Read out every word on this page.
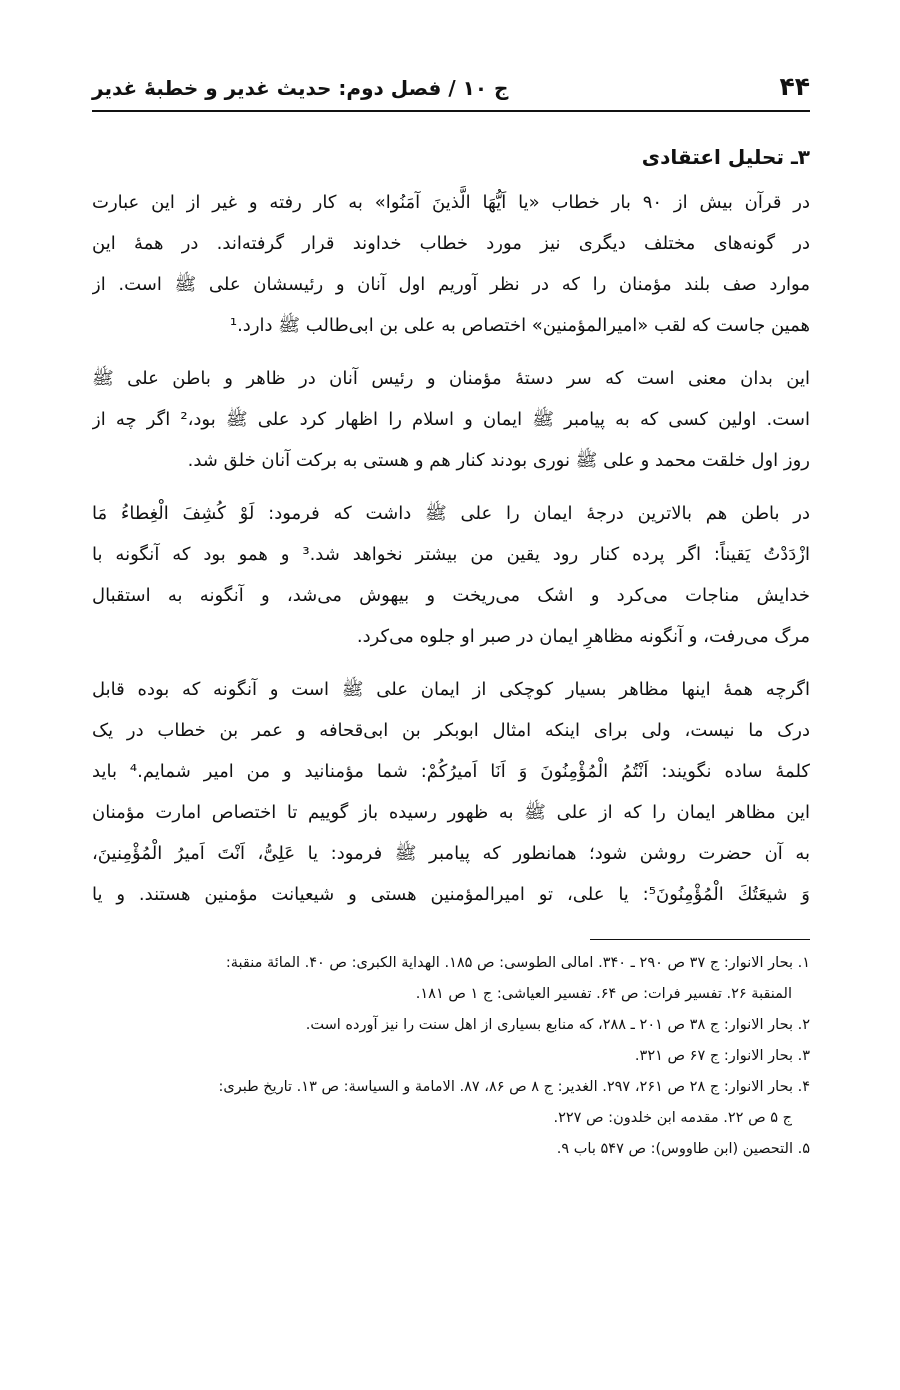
۴۴
ج ۱۰ / فصل دوم: حدیث غدیر و خطبهٔ غدیر
۳ـ تحلیل اعتقادی
در قرآن بیش از ۹۰ بار خطاب «یا اَیُّهَا الَّذینَ آمَنُوا» به کار رفته و غیر از این عبارت
در گونه‌های مختلف دیگری نیز مورد خطاب خداوند قرار گرفته‌اند. در همهٔ این
موارد صف بلند مؤمنان را که در نظر آوریم اول آنان و رئیسشان علی ﷺ است. از
همین جاست که لقب «امیرالمؤمنین» اختصاص به علی بن ابی‌طالب ﷺ دارد.¹
این بدان معنی است که سر دستهٔ مؤمنان و رئیس آنان در ظاهر و باطن علی ﷺ
است. اولین کسی که به پیامبر ﷺ ایمان و اسلام را اظهار کرد علی ﷺ بود،² اگر چه از
روز اول خلقت محمد و علی ﷺ نوری بودند کنار هم و هستی به برکت آنان خلق شد.
در باطن هم بالاترین درجهٔ ایمان را علی ﷺ داشت که فرمود: لَوْ کُشِفَ الْغِطاءُ مَا
ازْدَدْتُ یَقیناً: اگر پرده کنار رود یقین من بیشتر نخواهد شد.³ و همو بود که آنگونه با
خدایش مناجات می‌کرد و اشک می‌ریخت و بیهوش می‌شد، و آنگونه به استقبال
مرگ می‌رفت، و آنگونه مظاهرِ ایمان در صبر او جلوه می‌کرد.
اگرچه همهٔ اینها مظاهر بسیار کوچکی از ایمان علی ﷺ است و آنگونه که بوده قابل
درک ما نیست، ولی برای اینکه امثال ابوبکر بن ابی‌قحافه و عمر بن خطاب در یک
کلمهٔ ساده نگویند: اَنْتُمُ الْمُؤْمِنُونَ وَ اَنَا اَمیرُکُمْ: شما مؤمنانید و من امیر شمایم.⁴ باید
این مظاهر ایمان را که از علی ﷺ به ظهور رسیده باز گوییم تا اختصاص امارت مؤمنان
به آن حضرت روشن شود؛ همانطور که پیامبر ﷺ فرمود: یا عَلِیُّ، اَنْتَ اَمیرُ الْمُؤْمِنینَ،
وَ شیعَتُكَ الْمُؤْمِنُونَ⁵: یا علی، تو امیرالمؤمنین هستی و شیعیانت مؤمنین هستند. و یا
۱. بحار الانوار: ج ۳۷ ص ۲۹۰ ـ ۳۴۰. امالی الطوسی: ص ۱۸۵. الهدایة الکبری: ص ۴۰. المائة منقبة:
المنقبة ۲۶. تفسیر فرات: ص ۶۴. تفسیر العیاشی: ج ۱ ص ۱۸۱.
۲. بحار الانوار: ج ۳۸ ص ۲۰۱ ـ ۲۸۸، که منابع بسیاری از اهل سنت را نیز آورده است.
۳. بحار الانوار: ج ۶۷ ص ۳۲۱.
۴. بحار الانوار: ج ۲۸ ص ۲۶۱، ۲۹۷. الغدیر: ج ۸ ص ۸۶، ۸۷. الامامة و السیاسة: ص ۱۳. تاریخ طبری:
ج ۵ ص ۲۲. مقدمه ابن خلدون: ص ۲۲۷.
۵. التحصین (ابن طاووس): ص ۵۴۷ باب ۹.
